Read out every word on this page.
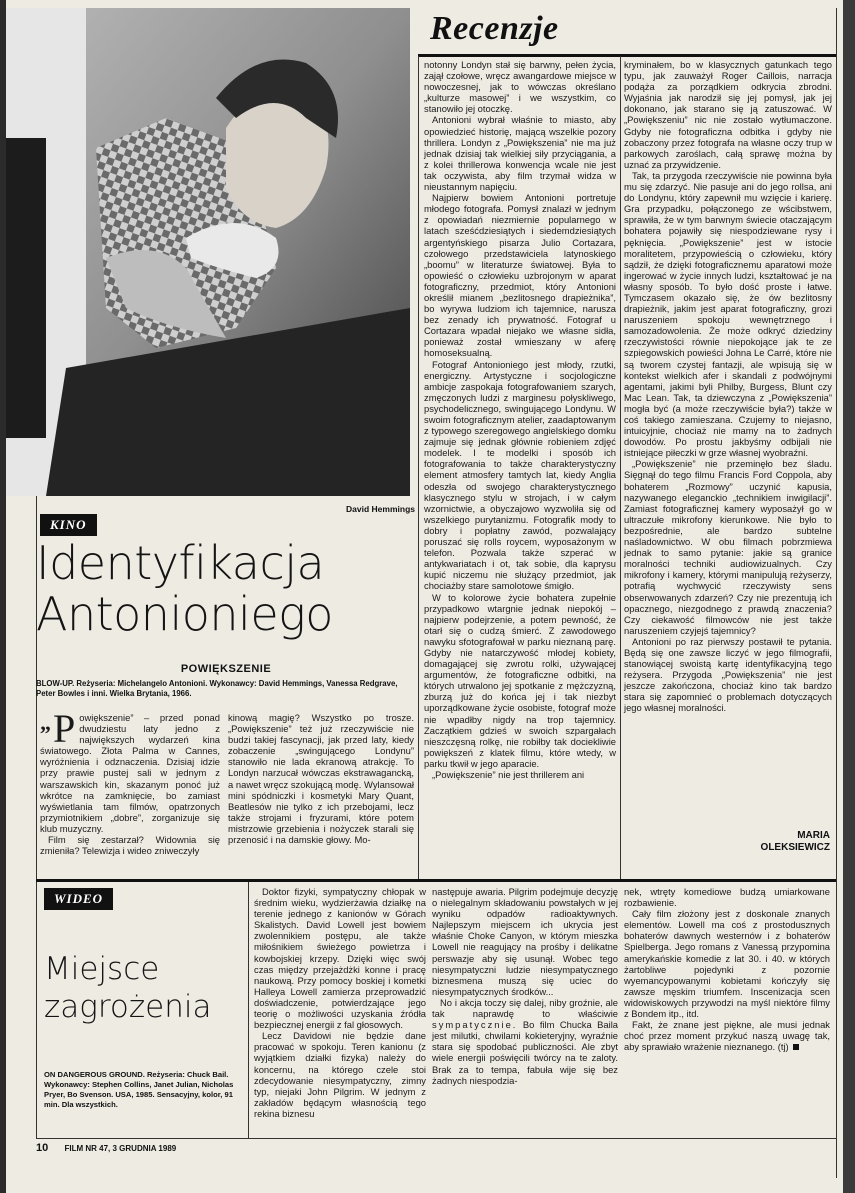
David Hemmings
Recenzje
KINO
Identyfikacja
Antonioniego
POWIĘKSZENIE
BLOW-UP. Reżyseria: Michelangelo Antonioni. Wykonawcy: David Hemmings, Vanessa Redgrave, Peter Bowles i inni. Wielka Brytania, 1966.

„ P owiększenie” – przed ponad dwudziestu laty jedno z największych wydarzeń kina światowego. Złota Palma w Cannes, wyróżnienia i odznaczenia. Dzisiaj idzie przy prawie pustej sali w jednym z warszawskich kin, skazanym ponoć już wkrótce na zamknięcie, bo zamiast wyświetlania tam filmów, opatrzonych przymiotnikiem „dobre”, zorganizuje się klub muzyczny.

Film się zestarzał? Widownia się zmieniła? Telewizja i wideo zniweczyły

kinową magię? Wszystko po trosze. „Powiększenie” też już rzeczywiście nie budzi takiej fascynacji, jak przed laty, kiedy zobaczenie „swingującego Londynu” stanowiło nie lada ekranową atrakcję. To Londyn narzucał wówczas ekstrawagancką, a nawet wręcz szokującą modę. Wylansował mini spódniczki i kosmetyki Mary Quant, Beatlesów nie tylko z ich przebojami, lecz także strojami i fryzurami, które potem mistrzowie grzebienia i nożyczek starali się przenosić i na damskie głowy. Mo-

notonny Londyn stał się barwny, pełen życia, zajął czołowe, wręcz awangardowe miejsce w nowoczesnej, jak to wówczas określano „kulturze masowej” i we wszystkim, co stanowiło jej otoczkę.

Antonioni wybrał właśnie to miasto, aby opowiedzieć historię, mającą wszelkie pozory thrillera. Londyn z „Powiększenia” nie ma już jednak dzisiaj tak wielkiej siły przyciągania, a z kolei thrillerowa konwencja wcale nie jest tak oczywista, aby film trzymał widza w nieustannym napięciu.

Najpierw bowiem Antonioni portretuje młodego fotografa. Pomysł znalazł w jednym z opowiadań niezmiernie popularnego w latach sześćdziesiątych i siedemdziesiątych argentyńskiego pisarza Julio Cortazara, czołowego przedstawiciela latynoskiego „boomu” w literaturze światowej. Była to opowieść o człowieku uzbrojonym w aparat fotograficzny, przedmiot, który Antonioni określił mianem „bezlitosnego drapieżnika”, bo wyrywa ludziom ich tajemnice, narusza bez zenady ich prywatność. Fotograf u Cortazara wpadał niejako we własne sidła, ponieważ został wmieszany w aferę homoseksualną.

Fotograf Antonioniego jest młody, rzutki, energiczny. Artystyczne i socjologiczne ambicje zaspokaja fotografowaniem szarych, zmęczonych ludzi z marginesu połyskliwego, psychodelicznego, swingującego Londynu. W swoim fotograficznym atelier, zaadaptowanym z typowego szeregowego angielskiego domku zajmuje się jednak głównie robieniem zdjęć modelek. I te modelki i sposób ich fotografowania to także charakterystyczny element atmosfery tamtych lat, kiedy Anglia odeszła od swojego charakterystycznego klasycznego stylu w strojach, i w całym wzornictwie, a obyczajowo wyzwoliła się od wszelkiego purytanizmu. Fotografik mody to dobry i popłatny zawód, pozwalający poruszać się rolls roycem, wyposażonym w telefon. Pozwala także szperać w antykwariatach i ot, tak sobie, dla kaprysu kupić niczemu nie służący przedmiot, jak chociażby stare samolotowe śmigło.

W to kolorowe życie bohatera zupełnie przypadkowo wtargnie jednak niepokój – najpierw podejrzenie, a potem pewność, że otarł się o cudzą śmierć. Z zawodowego nawyku sfotografował w parku nieznaną parę. Gdyby nie natarczywość młodej kobiety, domagającej się zwrotu rolki, używającej argumentów, że fotograficzne odbitki, na których utrwalono jej spotkanie z mężczyzną, zburzą już do końca jej i tak niezbyt uporządkowane życie osobiste, fotograf może nie wpadłby nigdy na trop tajemnicy. Zaczątkiem gdzieś w swoich szpargałach nieszczęsną rolkę, nie robiłby tak dociekliwie powiększeń z klatek filmu, które wtedy, w parku tkwił w jego aparacie.

„Powiększenie” nie jest thrillerem ani

kryminałem, bo w klasycznych gatunkach tego typu, jak zauważył Roger Caillois, narracja podąża za porządkiem odkrycia zbrodni. Wyjaśnia jak narodził się jej pomysł, jak jej dokonano, jak starano się ją zatuszować. W „Powiększeniu” nic nie zostało wytłumaczone. Gdyby nie fotograficzna odbitka i gdyby nie zobaczony przez fotografa na własne oczy trup w parkowych zaroślach, całą sprawę można by uznać za przywidzenie.

Tak, ta przygoda rzeczywiście nie powinna była mu się zdarzyć. Nie pasuje ani do jego rollsa, ani do Londynu, który zapewnił mu wzięcie i karierę. Gra przypadku, połączonego ze wścibstwem, sprawiła, że w tym barwnym świecie otaczającym bohatera pojawiły się niespodziewane rysy i pęknięcia. „Powiększenie” jest w istocie moralitetem, przypowieścią o człowieku, który sądził, że dzięki fotograficznemu aparatowi może ingerować w życie innych ludzi, kształtować je na własny sposób. To było dość proste i łatwe. Tymczasem okazało się, że ów bezlitosny drapieżnik, jakim jest aparat fotograficzny, grozi naruszeniem spokoju wewnętrznego i samozadowolenia. Że może odkryć dziedziny rzeczywistości równie niepokojące jak te ze szpiegowskich powieści Johna Le Carré, które nie są tworem czystej fantazji, ale wpisują się w kontekst wielkich afer i skandali z podwójnymi agentami, jakimi byli Philby, Burgess, Blunt czy Mac Lean. Tak, ta dziewczyna z „Powiększenia” mogła być (a może rzeczywiście była?) także w coś takiego zamieszana. Czujemy to niejasno, intuicyjnie, chociaż nie mamy na to żadnych dowodów. Po prostu jakbyśmy odbijali nie istniejące piłeczki w grze własnej wyobraźni.

„Powiększenie” nie przeminęło bez śladu. Sięgnął do tego filmu Francis Ford Coppola, aby bohaterem „Rozmowy” uczynić kapusia, nazywanego eleganckio „technikiem inwigilacji”. Zamiast fotograficznej kamery wyposażył go w ultraczułe mikrofony kierunkowe. Nie było to bezpośrednie, ale bardzo subtelne naśladownictwo. W obu filmach pobrzmiewa jednak to samo pytanie: jakie są granice moralności techniki audiowizualnych. Czy mikrofony i kamery, którymi manipulują reżyserzy, potrafią wychwycić rzeczywisty sens obserwowanych zdarzeń? Czy nie prezentują ich opacznego, niezgodnego z prawdą znaczenia? Czy ciekawość filmowców nie jest także naruszeniem czyjejś tajemnicy?

Antonioni po raz pierwszy postawił te pytania. Będą się one zawsze liczyć w jego filmografii, stanowiącej swoistą kartę identyfikacyjną tego reżysera. Przygoda „Powiększenia” nie jest jeszcze zakończona, chociaż kino tak bardzo stara się zapomnieć o problemach dotyczących jego własnej moralności.

MARIA
OLEKSIEWICZ
WIDEO
Miejsce
zagrożenia
ON DANGEROUS GROUND. Reżyseria: Chuck Bail. Wykonawcy: Stephen Collins, Janet Julian, Nicholas Pryer, Bo Svenson. USA, 1985. Sensacyjny, kolor, 91 min. Dla wszystkich.

Doktor fizyki, sympatyczny chłopak w średnim wieku, wydzierżawia działkę na terenie jednego z kanionów w Górach Skalistych. David Lowell jest bowiem zwolennikiem postępu, ale także miłośnikiem świeżego powietrza i kowbojskiej krzepy. Dzięki więc swój czas między przejażdżki konne i pracę naukową. Przy pomocy boskiej i kometki Halleya Lowell zamierza przeprowadzić doświadczenie, potwierdzające jego teorię o możliwości uzyskania źródła bezpiecznej energii z fal głosowych.

Lecz Davidowi nie będzie dane pracować w spokoju. Teren kanionu (z wyjątkiem działki fizyka) należy do koncernu, na którego czele stoi zdecydowanie niesympatyczny, zimny typ, niejaki John Pilgrim. W jednym z zakładów będącym własnością tego rekina biznesu

następuje awaria. Pilgrim podejmuje decyzję o nielegalnym składowaniu powstałych w jej wyniku odpadów radioaktywnych. Najlepszym miejscem ich ukrycia jest właśnie Choke Canyon, w którym mieszka Lowell nie reagujący na prośby i delikatne perswazje aby się usunął. Wobec tego niesympatyczni ludzie niesympatycznego biznesmena muszą się uciec do niesympatycznych środków...

No i akcja toczy się dalej, niby groźnie, ale tak naprawdę to właściwie sympatycznie. Bo film Chucka Baila jest milutki, chwilami kokieteryjny, wyraźnie stara się spodobać publiczności. Ale zbyt wiele energii poświęcili twórcy na te zaloty. Brak za to tempa, fabuła wije się bez żadnych niespodzia-

nek, wtręty komediowe budzą umiarkowane rozbawienie.

Cały film złożony jest z doskonale znanych elementów. Lowell ma coś z prostodusznych bohaterów dawnych westernów i z bohaterów Spielberga. Jego romans z Vanessą przypomina amerykańskie komedie z lat 30. i 40. w których żartobliwe pojedynki z pozornie wyemancypowanymi kobietami kończyły się zawsze męskim triumfem. Inscenizacja scen widowiskowych przywodzi na myśl niektóre filmy z Bondem itp., itd.

Fakt, że znane jest piękne, ale musi jednak choć przez moment przykuć naszą uwagę tak, aby sprawiało wrażenie nieznanego. (tj)

10 FILM NR 47, 3 GRUDNIA 1989
